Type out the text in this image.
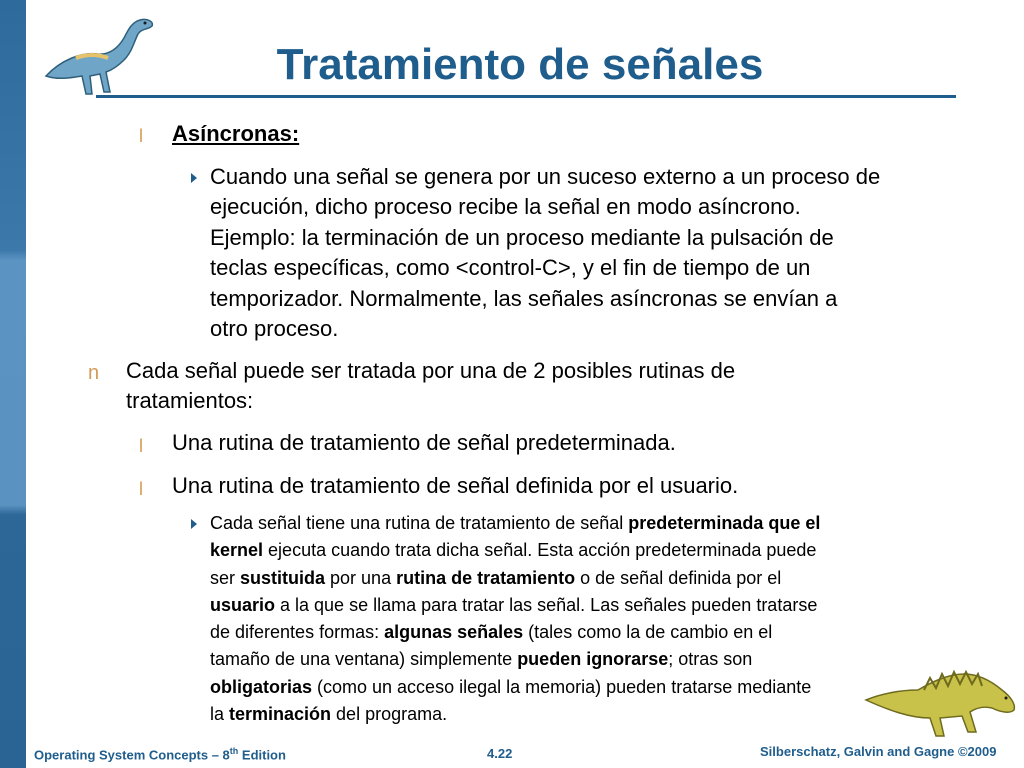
Tratamiento de señales
l Asíncronas:
Cuando una señal se genera por un suceso externo a un proceso de
ejecución, dicho proceso recibe la señal en modo asíncrono.
Ejemplo: la terminación de un proceso mediante la pulsación de
teclas específicas, como <control-C>, y el fin de tiempo de un
temporizador. Normalmente, las señales asíncronas se envían a
otro proceso.
n Cada señal puede ser tratada por una de 2 posibles rutinas de
tratamientos:
l Una rutina de tratamiento de señal predeterminada.
l Una rutina de tratamiento de señal definida por el usuario.
Cada señal tiene una rutina de tratamiento de señal predeterminada que el
kernel ejecuta cuando trata dicha señal. Esta acción predeterminada puede
ser sustituida por una rutina de tratamiento o de señal definida por el
usuario a la que se llama para tratar las señal. Las señales pueden tratarse
de diferentes formas: algunas señales (tales como la de cambio en el
tamaño de una ventana) simplemente pueden ignorarse; otras son
obligatorias (como un acceso ilegal la memoria) pueden tratarse mediante
la terminación del programa.
Operating System Concepts – 8th Edition	4.22	Silberschatz, Galvin and Gagne ©2009
